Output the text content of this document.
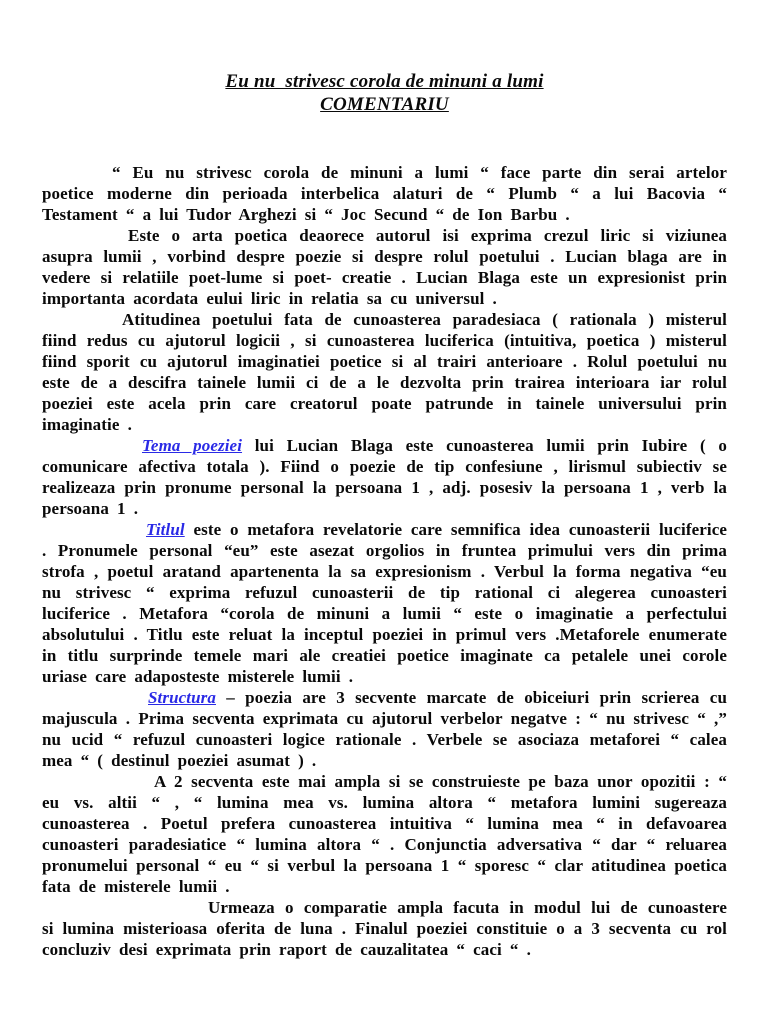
Eu nu  strivesc corola de minuni a lumi
COMENTARIU

“ Eu nu strivesc corola de minuni a lumi “ face parte din serai artelor poetice moderne din perioada interbelica alaturi de “ Plumb “ a lui Bacovia “ Testament “ a lui Tudor Arghezi si “ Joc Secund “ de Ion Barbu .

Este o arta poetica deaorece autorul isi exprima crezul liric si viziunea asupra lumii , vorbind despre poezie si despre rolul poetului . Lucian blaga are in vedere si relatiile poet-lume si poet- creatie . Lucian Blaga este un expresionist prin importanta acordata eului liric in relatia sa cu universul .

Atitudinea poetului fata de cunoasterea paradesiaca ( rationala ) misterul fiind redus cu ajutorul logicii , si cunoasterea luciferica (intuitiva, poetica ) misterul fiind sporit cu ajutorul imaginatiei poetice si al trairi anterioare . Rolul poetului nu este de a descifra tainele lumii ci de a le dezvolta prin trairea interioara iar rolul poeziei este acela prin care creatorul poate patrunde in tainele universului prin imaginatie .

Tema poeziei lui Lucian Blaga este cunoasterea lumii prin Iubire ( o comunicare afectiva totala ). Fiind o poezie de tip confesiune , lirismul subiectiv se realizeaza prin pronume personal la persoana 1 , adj. posesiv la persoana 1 , verb la persoana 1 .

Titlul este o metafora revelatorie care semnifica idea cunoasterii luciferice . Pronumele personal “eu” este asezat orgolios in fruntea primului vers din prima strofa , poetul aratand apartenenta la sa expresionism . Verbul la forma negativa “eu nu strivesc “ exprima refuzul cunoasterii de tip rational ci alegerea cunoasteri luciferice . Metafora “corola de minuni a lumii “ este o imaginatie a perfectului absolutului . Titlu este reluat la inceptul poeziei in primul vers .Metaforele enumerate in titlu surprinde temele mari ale creatiei poetice imaginate ca petalele unei corole uriase care adaposteste misterele lumii .

Structura – poezia are 3 secvente marcate de obiceiuri prin scrierea cu majuscula . Prima secventa exprimata cu ajutorul verbelor negatve : “ nu strivesc “ ,” nu ucid “ refuzul cunoasteri logice rationale . Verbele se asociaza metaforei “ calea mea “ ( destinul poeziei asumat ) .

A 2 secventa este mai ampla si se construieste pe baza unor opozitii : “ eu vs. altii “ , “ lumina mea vs. lumina altora “ metafora lumini sugereaza cunoasterea . Poetul prefera cunoasterea intuitiva “ lumina mea “ in defavoarea cunoasteri paradesiatice “ lumina altora “ . Conjunctia adversativa “ dar “ reluarea pronumelui personal “ eu “ si verbul la persoana 1 “ sporesc “ clar atitudinea poetica fata de misterele lumii .

Urmeaza o comparatie ampla facuta in modul lui de cunoastere si lumina misterioasa oferita de luna . Finalul poeziei constituie o a 3 secventa cu rol concluziv desi exprimata prin raport de cauzalitatea “ caci “ .
